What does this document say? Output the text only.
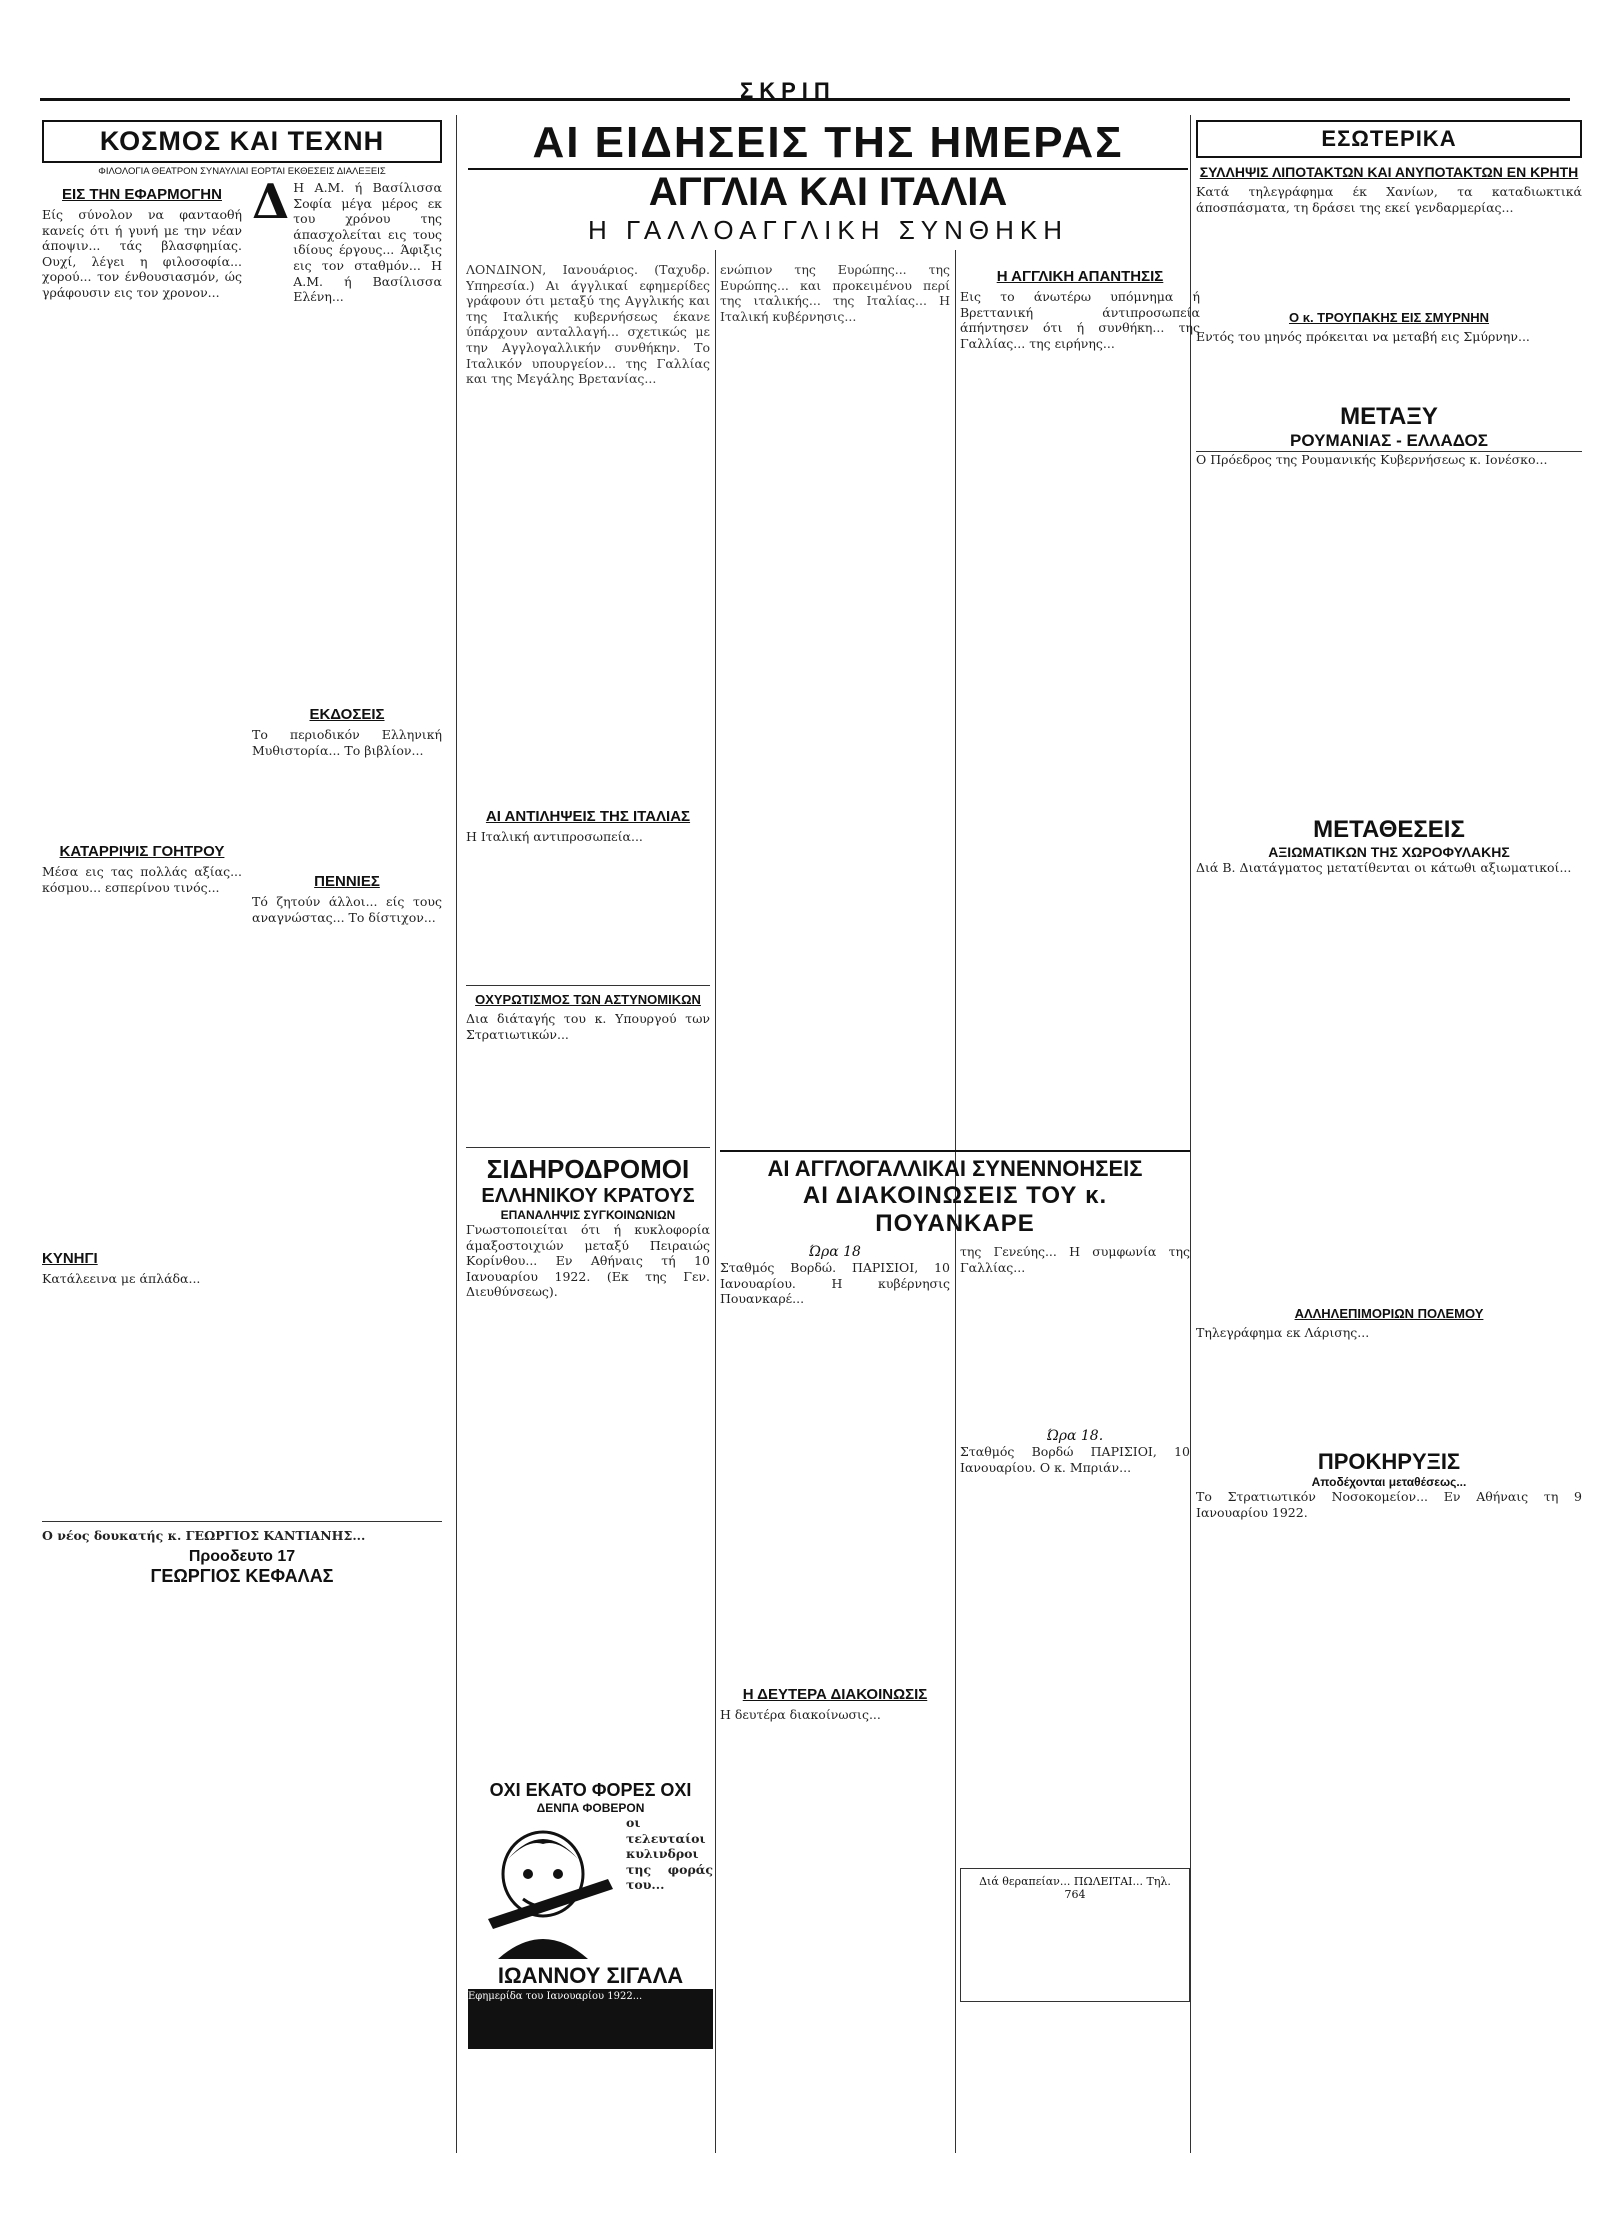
ΣΚΡΙΠ
ΚΟΣΜΟΣ ΚΑΙ ΤΕΧΝΗ
ΦΙΛΟΛΟΓΙΑ ΘΕΑΤΡΟΝ ΣΥΝΑΥΛΙΑΙ ΕΟΡΤΑΙ ΕΚΘΕΣΕΙΣ ΔΙΑΛΕΞΕΙΣ
ΕΙΣ ΤΗΝ ΕΦΑΡΜΟΓΗΝ

Είς σύνολον να φανταοθή κανείς ότι ή γυνή με την νέαν άποψιν... τάς βλασφημίας. Oυχί, λέγει η φιλοσοφία... χορού... τον ένθουσιασμόν, ώς γράφουσιν εις τον χρονον...

ΚΑΤΑΡΡΙΨΙΣ ΓΟΗΤΡΟΥ

Μέσα εις τας πολλάς αξίας... κόσμου... εσπερίνου τινός...

ΚΥΝΗΓΙ

Κατάλεεινα με άπλάδα...

Δ Η Α.Μ. ή Βασίλισσα Σοφία μέγα μέρος εκ του χρόνου της άπασχολείται εις τους ιδίους έργους... Άφιξις εις τον σταθμόν... Η Α.Μ. ή Βασίλισσα Ελένη...

ΕΚΔΟΣΕΙΣ

Το περιοδικόν Ελληνική Μυθιστορία... Το βιβλίον...

ΠΕΝΝΙΕΣ

Τό ζητούν άλλοι... είς τους αναγνώστας... Το δίστιχον...

Ο νέος δουκατής κ. ΓΕΩΡΓΙΟΣ ΚΑΝΤΙΑΝΗΣ...

Προοδευτο 17
ΓΕΩΡΓΙΟΣ ΚΕΦΑΛΑΣ
ΑΙ ΕΙΔΗΣΕΙΣ ΤΗΣ ΗΜΕΡΑΣ
ΑΓΓΛΙΑ ΚΑΙ ΙΤΑΛΙΑ
Η ΓΑΛΛΟΑΓΓΛΙΚΗ ΣΥΝΘΗΚΗ

ΛΟΝΔΙΝΟΝ, Ιανουάριος. (Ταχυδρ. Υπηρεσία.) Αι άγγλικαί εφημερίδες γράφουν ότι μεταξύ της Αγγλικής και της Ιταλικής κυβερνήσεως έκανε ύπάρχουν ανταλλαγή... σχετικώς με την Αγγλογαλλικήν συνθήκην. Το Ιταλικόν υπουργείον... της Γαλλίας και της Μεγάλης Βρετανίας...

ΑΙ ΑΝΤΙΛΗΨΕΙΣ ΤΗΣ ΙΤΑΛΙΑΣ

Η Ιταλική αντιπροσωπεία...

ΟΧΥΡΩΤΙΣΜΟΣ ΤΩΝ ΑΣΤΥΝΟΜΙΚΩΝ

Δια διάταγής του κ. Υπουργού των Στρατιωτικών...

ΣΙΔΗΡΟΔΡΟΜΟΙ
ΕΛΛΗΝΙΚΟΥ ΚΡΑΤΟΥΣ
ΕΠΑΝΑΛΗΨΙΣ ΣΥΓΚΟΙΝΩΝΙΩΝ

Γνωστοποιείται ότι ή κυκλοφορία άμαξοστοιχιών μεταξύ Πειραιώς Κορίνθου... Εν Αθήναις τή 10 Ιανουαρίου 1922. (Εκ της Γεν. Διευθύνσεως).

ενώπιον της Ευρώπης... της Ευρώπης... και προκειμένου περί της ιταλικής... της Ιταλίας... Η Ιταλική κυβέρνησις...

Η ΑΓΓΛΙΚΗ ΑΠΑΝΤΗΣΙΣ

Εις το άνωτέρω υπόμνημα ή Βρεττανική άντιπροσωπεία άπήντησεν ότι ή συνθήκη... της Γαλλίας... της ειρήνης...

ΑΙ ΑΓΓΛΟΓΑΛΛΙΚΑΙ ΣΥΝΕΝΝΟΗΣΕΙΣ
ΑΙ ΔΙΑΚΟΙΝΩΣΕΙΣ ΤΟΥ κ. ΠΟΥΑΝΚΑΡΕ
Ώρα 18

Σταθμός Βορδώ. ΠΑΡΙΣΙΟΙ, 10 Ιανουαρίου. Η κυβέρνησις Πουανκαρέ...

Η ΔΕΥΤΕΡΑ ΔΙΑΚΟΙΝΩΣΙΣ

Η δευτέρα διακοίνωσις...

της Γενεύης... Η συμφωνία της Γαλλίας...

Ώρα 18.

Σταθμός Βορδώ ΠΑΡΙΣΙΟΙ, 10 Ιανουαρίου. Ο κ. Μπριάν...

Διά θεραπείαν... ΠΩΛΕΙΤΑΙ... Τηλ. 764
ΟΧΙ ΕΚΑΤΟ ΦΟΡΕΣ ΟΧΙ
ΔΕΝΠΑ ΦΟΒΕΡΟΝ

οι τελευταίοι κυλινδροι της φοράς του...

ΙΩΑΝΝΟΥ ΣΙΓΑΛΑ

Εφημερίδα του Ιανουαρίου 1922...

ΕΣΩΤΕΡΙΚΑ
ΣΥΛΛΗΨΙΣ ΛΙΠΟΤΑΚΤΩΝ ΚΑΙ ΑΝΥΠΟΤΑΚΤΩΝ ΕΝ ΚΡΗΤΗ

Κατά τηλεγράφημα έκ Χανίων, τα καταδιωκτικά άποσπάσματα, τη δράσει της εκεί γενδαρμερίας...

Ο κ. ΤΡΟΥΠΑΚΗΣ ΕΙΣ ΣΜΥΡΝΗΝ

Εντός του μηνός πρόκειται να μεταβή εις Σμύρνην...

ΜΕΤΑΞΥ
ΡΟΥΜΑΝΙΑΣ - ΕΛΛΑΔΟΣ

Ο Πρόεδρος της Ρουμανικής Κυβερνήσεως κ. Ιονέσκο...

ΜΕΤΑΘΕΣΕΙΣ
ΑΞΙΩΜΑΤΙΚΩΝ ΤΗΣ ΧΩΡΟΦΥΛΑΚΗΣ

Διά Β. Διατάγματος μετατίθενται οι κάτωθι αξιωματικοί...

ΑΛΛΗΛΕΠΙΜΟΡΙΩΝ ΠΟΛΕΜΟΥ

Τηλεγράφημα εκ Λάρισης...

ΠΡΟΚΗΡΥΞΙΣ
Αποδέχονται μεταθέσεως...

Το Στρατιωτικόν Νοσοκομείον... Εν Αθήναις τη 9 Ιανουαρίου 1922.
